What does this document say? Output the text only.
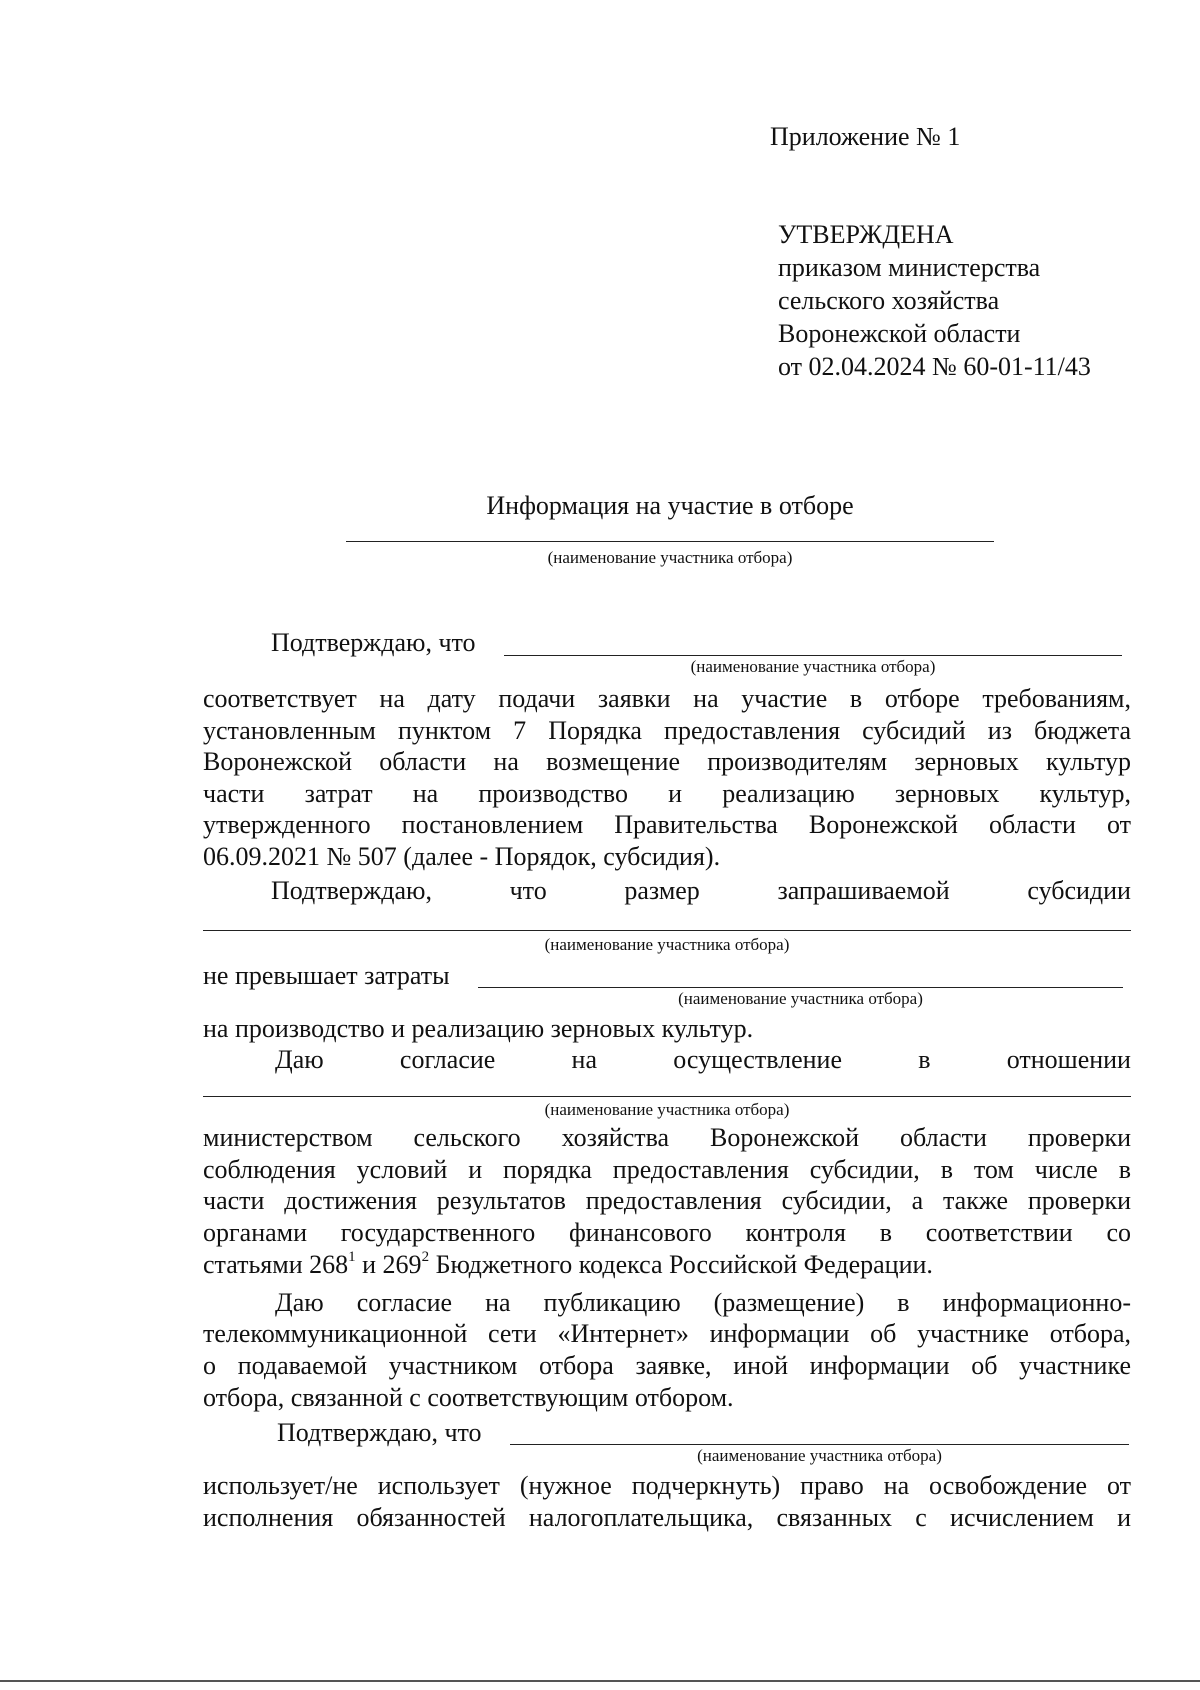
Приложение № 1
УТВЕРЖДЕНА
приказом министерства
сельского хозяйства
Воронежской области
от 02.04.2024 № 60-01-11/43
Информация на участие в отборе
(наименование участника отбора)
Подтверждаю, что
(наименование участника отбора)
соответствует на дату подачи заявки на участие в отборе требованиям,
установленным пунктом 7 Порядка предоставления субсидий из бюджета
Воронежской области на возмещение производителям зерновых культур
части затрат на производство и реализацию зерновых культур,
утвержденного постановлением Правительства Воронежской области от
06.09.2021 № 507 (далее - Порядок, субсидия).
Подтверждаю,	что	размер	запрашиваемой	субсидии
(наименование участника отбора)
не превышает затраты
(наименование участника отбора)
на производство и реализацию зерновых культур.
Даю	согласие	на	осуществление	в	отношении
(наименование участника отбора)
министерством сельского хозяйства Воронежской области проверки
соблюдения условий и порядка предоставления субсидии, в том числе в
части достижения результатов предоставления субсидии, а также проверки
органами государственного финансового контроля в соответствии со
статьями $268^1$ и $269^2$ Бюджетного кодекса Российской Федерации.
Даю согласие на публикацию (размещение) в информационно-
телекоммуникационной сети «Интернет» информации об участнике отбора,
о подаваемой участником отбора заявке, иной информации об участнике
отбора, связанной с соответствующим отбором.
Подтверждаю, что
(наименование участника отбора)
использует/не использует (нужное подчеркнуть) право на освобождение от
исполнения обязанностей налогоплательщика, связанных с исчислением и
